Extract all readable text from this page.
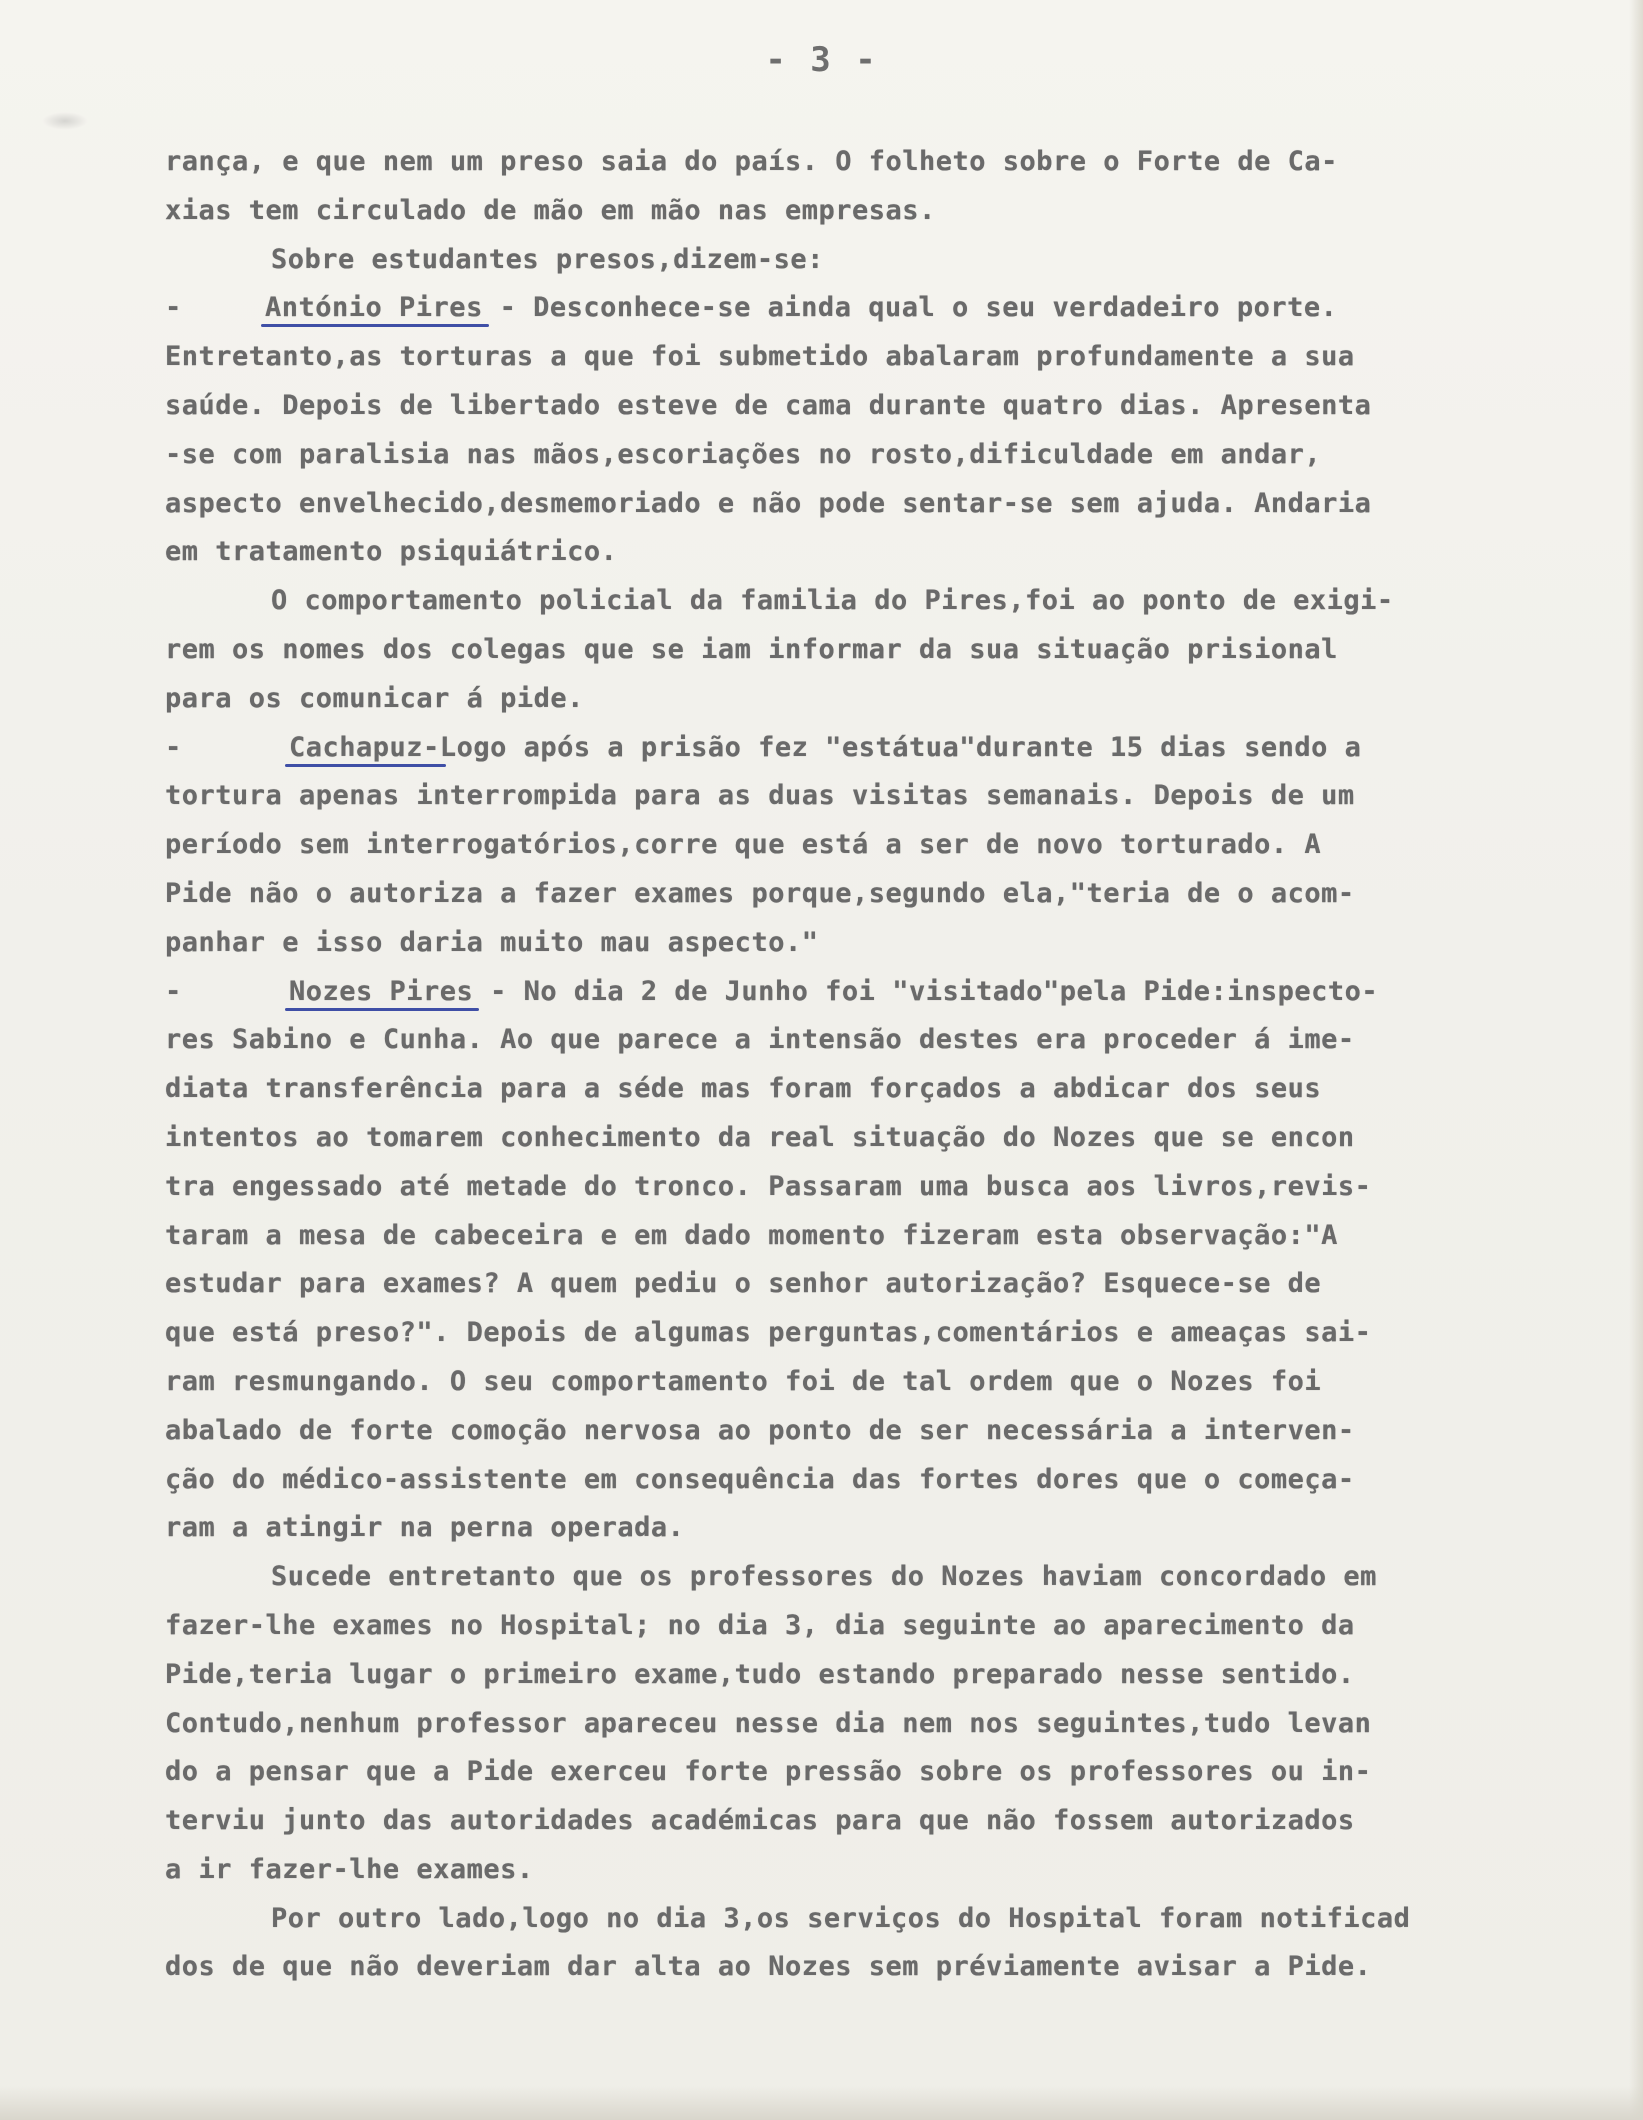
- 3 -
rança, e que nem um preso saia do país. O folheto sobre o Forte de Ca-
xias tem circulado de mão em mão nas empresas.
Sobre estudantes presos,dizem-se:
-	António Pires - Desconhece-se ainda qual o seu verdadeiro porte.
Entretanto,as torturas a que foi submetido abalaram profundamente a sua
saúde. Depois de libertado esteve de cama durante quatro dias. Apresenta
-se com paralisia nas mãos,escoriações no rosto,dificuldade em andar,
aspecto envelhecido,desmemoriado e não pode sentar-se sem ajuda. Andaria
em tratamento psiquiátrico.
O comportamento policial da familia do Pires,foi ao ponto de exigi-
rem os nomes dos colegas que se iam informar da sua situação prisional
para os comunicar á pide.
-	Cachapuz-Logo após a prisão fez "estátua"durante 15 dias sendo a
tortura apenas interrompida para as duas visitas semanais. Depois de um
período sem interrogatórios,corre que está a ser de novo torturado. A
Pide não o autoriza a fazer exames porque,segundo ela,"teria de o acom-
panhar e isso daria muito mau aspecto."
-	Nozes Pires - No dia 2 de Junho foi "visitado"pela Pide:inspecto-
res Sabino e Cunha. Ao que parece a intensão destes era proceder á ime-
diata transferência para a séde mas foram forçados a abdicar dos seus
intentos ao tomarem conhecimento da real situação do Nozes que se encon
tra engessado até metade do tronco. Passaram uma busca aos livros,revis-
taram a mesa de cabeceira e em dado momento fizeram esta observação:"A
estudar para exames? A quem pediu o senhor autorização? Esquece-se de
que está preso?". Depois de algumas perguntas,comentários e ameaças sai-
ram resmungando. O seu comportamento foi de tal ordem que o Nozes foi
abalado de forte comoção nervosa ao ponto de ser necessária a interven-
ção do médico-assistente em consequência das fortes dores que o começa-
ram a atingir na perna operada.
Sucede entretanto que os professores do Nozes haviam concordado em
fazer-lhe exames no Hospital; no dia 3, dia seguinte ao aparecimento da
Pide,teria lugar o primeiro exame,tudo estando preparado nesse sentido.
Contudo,nenhum professor apareceu nesse dia nem nos seguintes,tudo levan
do a pensar que a Pide exerceu forte pressão sobre os professores ou in-
terviu junto das autoridades académicas para que não fossem autorizados
a ir fazer-lhe exames.
Por outro lado,logo no dia 3,os serviços do Hospital foram notificad
dos de que não deveriam dar alta ao Nozes sem préviamente avisar a Pide.
